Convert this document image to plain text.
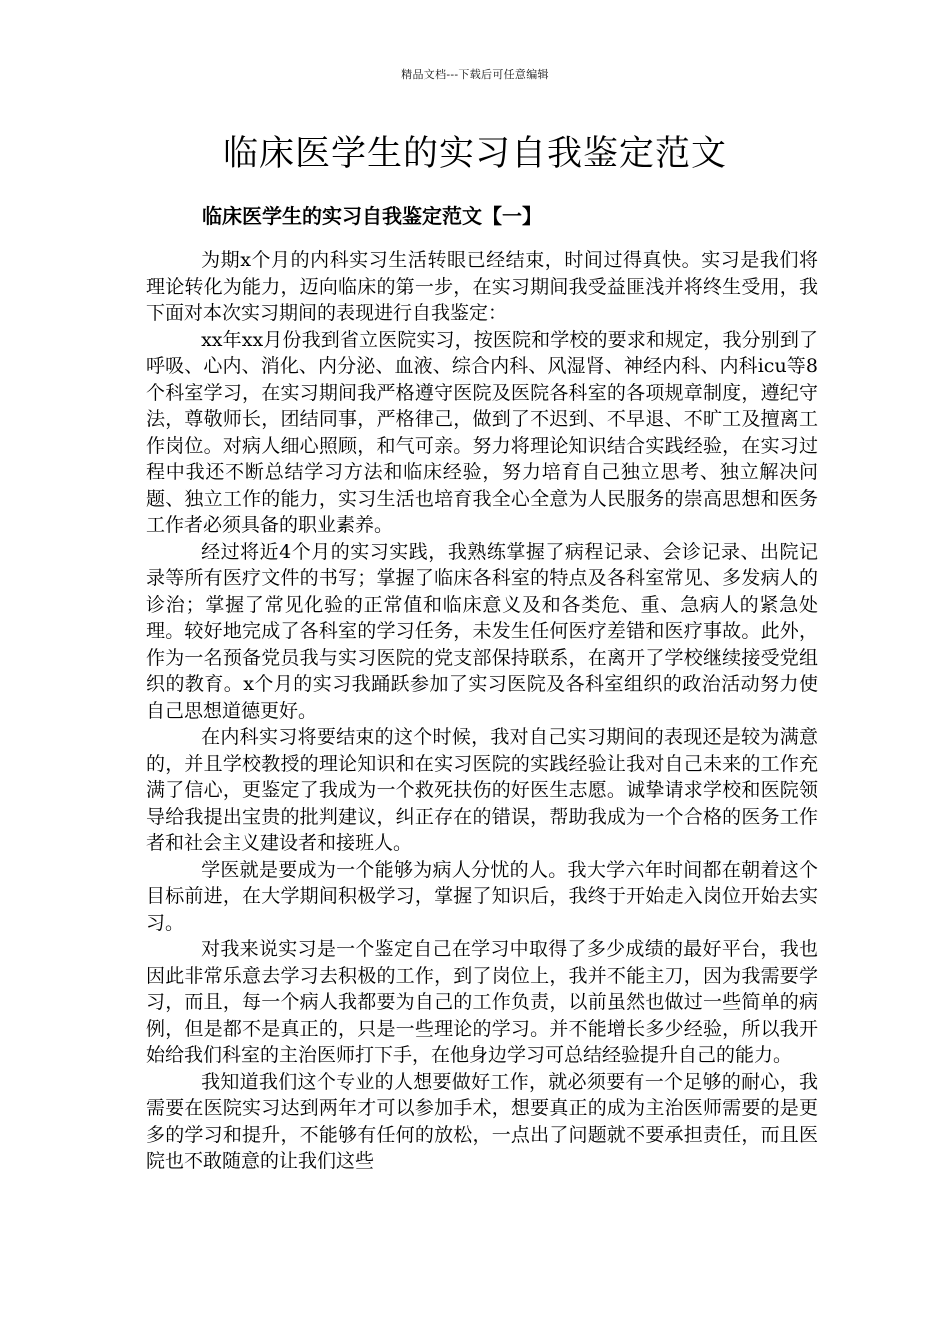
精品文档---下载后可任意编辑
临床医学生的实习自我鉴定范文
临床医学生的实习自我鉴定范文【一】

为期x个月的内科实习生活转眼已经结束，时间过得真快。实习是我们将理论转化为能力，迈向临床的第一步，在实习期间我受益匪浅并将终生受用，我下面对本次实习期间的表现进行自我鉴定：

xx年xx月份我到省立医院实习，按医院和学校的要求和规定，我分别到了呼吸、心内、消化、内分泌、血液、综合内科、风湿肾、神经内科、内科icu等8个科室学习，在实习期间我严格遵守医院及医院各科室的各项规章制度，遵纪守法，尊敬师长，团结同事，严格律己，做到了不迟到、不早退、不旷工及擅离工作岗位。对病人细心照顾，和气可亲。努力将理论知识结合实践经验，在实习过程中我还不断总结学习方法和临床经验，努力培育自己独立思考、独立解决问题、独立工作的能力，实习生活也培育我全心全意为人民服务的崇高思想和医务工作者必须具备的职业素养。

经过将近4个月的实习实践，我熟练掌握了病程记录、会诊记录、出院记录等所有医疗文件的书写；掌握了临床各科室的特点及各科室常见、多发病人的诊治；掌握了常见化验的正常值和临床意义及和各类危、重、急病人的紧急处理。较好地完成了各科室的学习任务，未发生任何医疗差错和医疗事故。此外，作为一名预备党员我与实习医院的党支部保持联系，在离开了学校继续接受党组织的教育。x个月的实习我踊跃参加了实习医院及各科室组织的政治活动努力使自己思想道德更好。

在内科实习将要结束的这个时候，我对自己实习期间的表现还是较为满意的，并且学校教授的理论知识和在实习医院的实践经验让我对自己未来的工作充满了信心，更鉴定了我成为一个救死扶伤的好医生志愿。诚挚请求学校和医院领导给我提出宝贵的批判建议，纠正存在的错误，帮助我成为一个合格的医务工作者和社会主义建设者和接班人。

学医就是要成为一个能够为病人分忧的人。我大学六年时间都在朝着这个目标前进，在大学期间积极学习，掌握了知识后，我终于开始走入岗位开始去实习。

对我来说实习是一个鉴定自己在学习中取得了多少成绩的最好平台，我也因此非常乐意去学习去积极的工作，到了岗位上，我并不能主刀，因为我需要学习，而且，每一个病人我都要为自己的工作负责，以前虽然也做过一些简单的病例，但是都不是真正的，只是一些理论的学习。并不能增长多少经验，所以我开始给我们科室的主治医师打下手，在他身边学习可总结经验提升自己的能力。

我知道我们这个专业的人想要做好工作，就必须要有一个足够的耐心，我需要在医院实习达到两年才可以参加手术，想要真正的成为主治医师需要的是更多的学习和提升，不能够有任何的放松，一点出了问题就不要承担责任，而且医院也不敢随意的让我们这些
